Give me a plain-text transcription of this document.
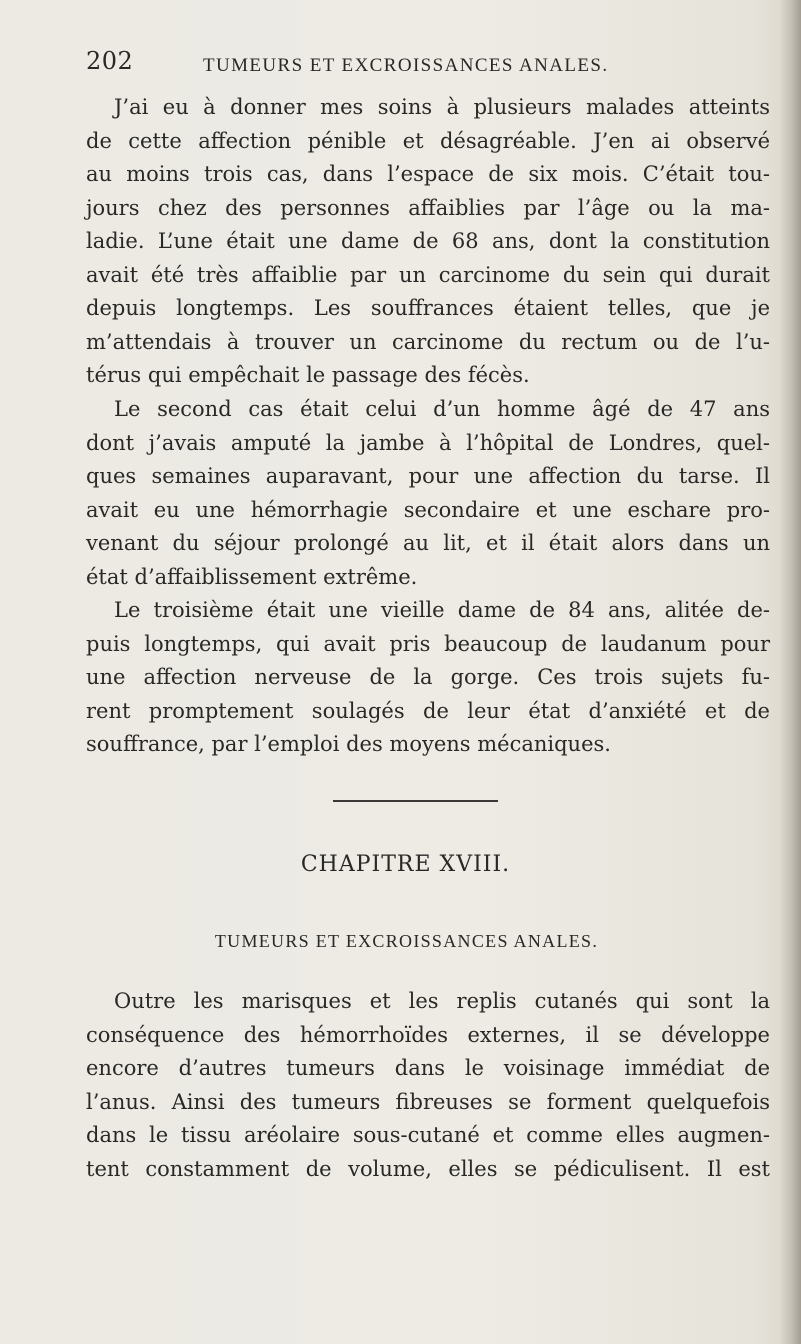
202	TUMEURS ET EXCROISSANCES ANALES.
J’ai eu à donner mes soins à plusieurs malades atteints
de cette affection pénible et désagréable. J’en ai observé
au moins trois cas, dans l’espace de six mois. C’était tou-
jours chez des personnes affaiblies par l’âge ou la ma-
ladie. L’une était une dame de 68 ans, dont la constitution
avait été très affaiblie par un carcinome du sein qui durait
depuis longtemps. Les souffrances étaient telles, que je
m’attendais à trouver un carcinome du rectum ou de l’u-
térus qui empêchait le passage des fécès.
Le second cas était celui d’un homme âgé de 47 ans
dont j’avais amputé la jambe à l’hôpital de Londres, quel-
ques semaines auparavant, pour une affection du tarse. Il
avait eu une hémorrhagie secondaire et une eschare pro-
venant du séjour prolongé au lit, et il était alors dans un
état d’affaiblissement extrême.
Le troisième était une vieille dame de 84 ans, alitée de-
puis longtemps, qui avait pris beaucoup de laudanum pour
une affection nerveuse de la gorge. Ces trois sujets fu-
rent promptement soulagés de leur état d’anxiété et de
souffrance, par l’emploi des moyens mécaniques.
CHAPITRE XVIII.
TUMEURS ET EXCROISSANCES ANALES.
Outre les marisques et les replis cutanés qui sont la
conséquence des hémorrhoïdes externes, il se développe
encore d’autres tumeurs dans le voisinage immédiat de
l’anus. Ainsi des tumeurs fibreuses se forment quelquefois
dans le tissu aréolaire sous-cutané et comme elles augmen-
tent constamment de volume, elles se pédiculisent. Il est
